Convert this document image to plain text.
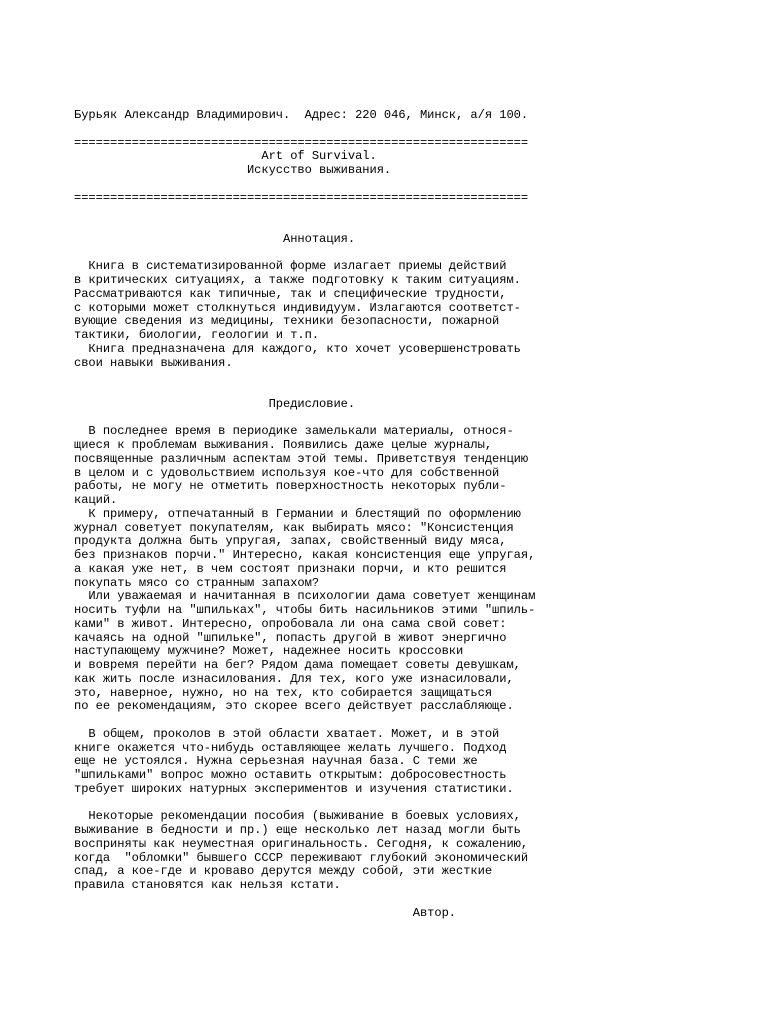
Бурьяк Александр Владимирович.  Адрес: 220 046, Минск, а/я 100.
===============================================================
Art of Survival.
Искусство выживания.
===============================================================
Аннотация.
Книга в систематизированной форме излагает приемы действий
в критических ситуациях, а также подготовку к таким ситуациям.
Рассматриваются как типичные, так и специфические трудности,
с которыми может столкнуться индивидуум. Излагаются соответст-
вующие сведения из медицины, техники безопасности, пожарной
тактики, биологии, геологии и т.п.
Книга предназначена для каждого, кто хочет усовершенстровать
свои навыки выживания.
Предисловие.
В последнее время в периодике замелькали материалы, относя-
щиеся к проблемам выживания. Появились даже целые журналы,
посвященные различным аспектам этой темы. Приветствуя тенденцию
в целом и с удовольствием используя кое-что для собственной
работы, не могу не отметить поверхностность некоторых публи-
каций.
К примеру, отпечатанный в Германии и блестящий по оформлению
журнал советует покупателям, как выбирать мясо: "Консистенция
продукта должна быть упругая, запах, свойственный виду мяса,
без признаков порчи." Интересно, какая консистенция еще упругая,
а какая уже нет, в чем состоят признаки порчи, и кто решится
покупать мясо со странным запахом?
Или уважаемая и начитанная в психологии дама советует женщинам
носить туфли на "шпильках", чтобы бить насильников этими "шпиль-
ками" в живот. Интересно, опробовала ли она сама свой совет:
качаясь на одной "шпильке", попасть другой в живот энергично
наступающему мужчине? Может, надежнее носить кроссовки
и вовремя перейти на бег? Рядом дама помещает советы девушкам,
как жить после изнасилования. Для тех, кого уже изнасиловали,
это, наверное, нужно, но на тех, кто собирается защищаться
по ее рекомендациям, это скорее всего действует расслабляюще.
В общем, проколов в этой области хватает. Может, и в этой
книге окажется что-нибудь оставляющее желать лучшего. Подход
еще не устоялся. Нужна серьезная научная база. С теми же
"шпильками" вопрос можно оставить открытым: добросовестность
требует широких натурных экспериментов и изучения статистики.
Некоторые рекомендации пособия (выживание в боевых условиях,
выживание в бедности и пр.) еще несколько лет назад могли быть
восприняты как неуместная оригинальность. Сегодня, к сожалению,
когда  "обломки" бывшего СССР переживают глубокий экономический
спад, а кое-где и кроваво дерутся между собой, эти жесткие
правила становятся как нельзя кстати.
Автор.
